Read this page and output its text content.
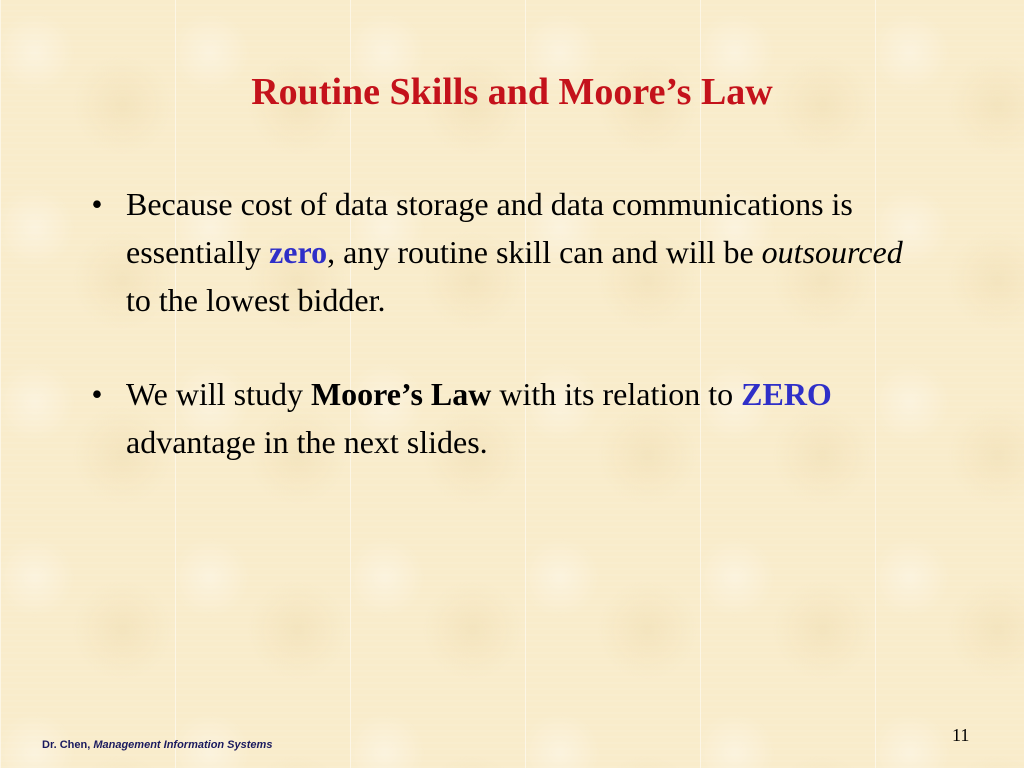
Routine Skills and Moore’s Law
• Because cost of data storage and data communications is essentially zero, any routine skill can and will be outsourced to the lowest bidder.
• We will study Moore’s Law with its relation to ZERO advantage in the next slides.
Dr. Chen, Management Information Systems	11
